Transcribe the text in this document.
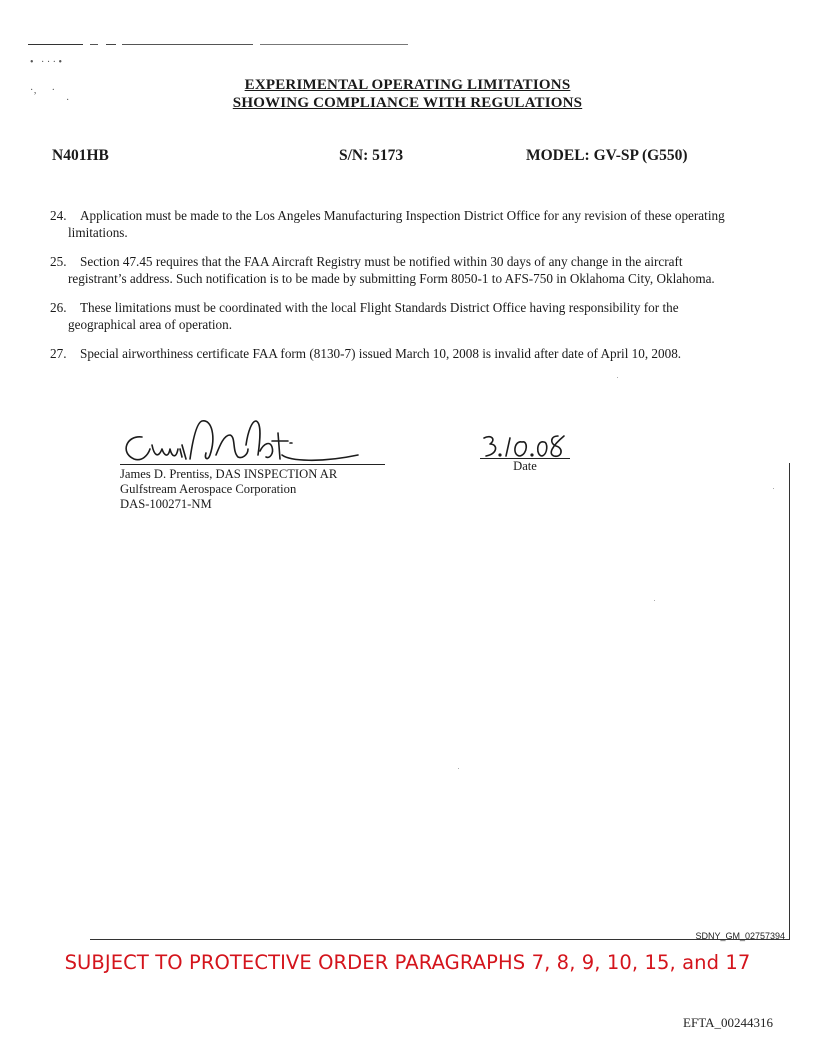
•   · · · •
·‚      ·
·
EXPERIMENTAL OPERATING LIMITATIONS
SHOWING COMPLIANCE WITH REGULATIONS
N401HB	S/N: 5173	MODEL: GV-SP (G550)
24. Application must be made to the Los Angeles Manufacturing Inspection District Office for any revision of these operating limitations.
25. Section 47.45 requires that the FAA Aircraft Registry must be notified within 30 days of any change in the aircraft registrant’s address. Such notification is to be made by submitting Form 8050-1 to AFS-750 in Oklahoma City, Oklahoma.
26. These limitations must be coordinated with the local Flight Standards District Office having responsibility for the geographical area of operation.
27. Special airworthiness certificate FAA form (8130-7) issued March 10, 2008 is invalid after date of April 10, 2008.
James D. Prentiss, DAS INSPECTION AR
Gulfstream Aerospace Corporation
DAS-100271-NM
Date
SDNY_GM_02757394
SUBJECT TO PROTECTIVE ORDER PARAGRAPHS 7, 8, 9, 10, 15, and 17
EFTA_00244316
